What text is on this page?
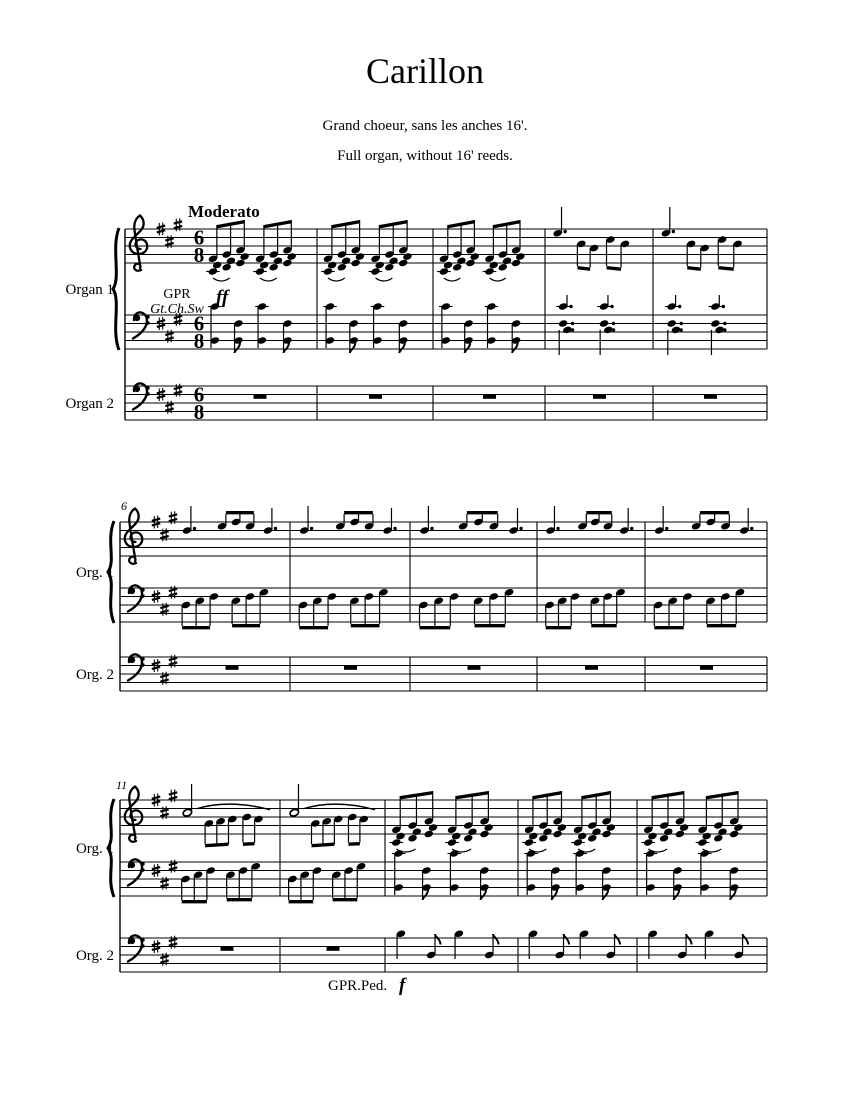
Carillon
Grand choeur, sans les anches 16'.
Full organ, without 16' reeds.
6
8
6
8
6
8
Organ 1
Organ 2
Moderato
GPR
Gt.Ch.Sw
ff
Org. 1
Org. 2
6
Org. 1
Org. 2
11
GPR.Ped. f
